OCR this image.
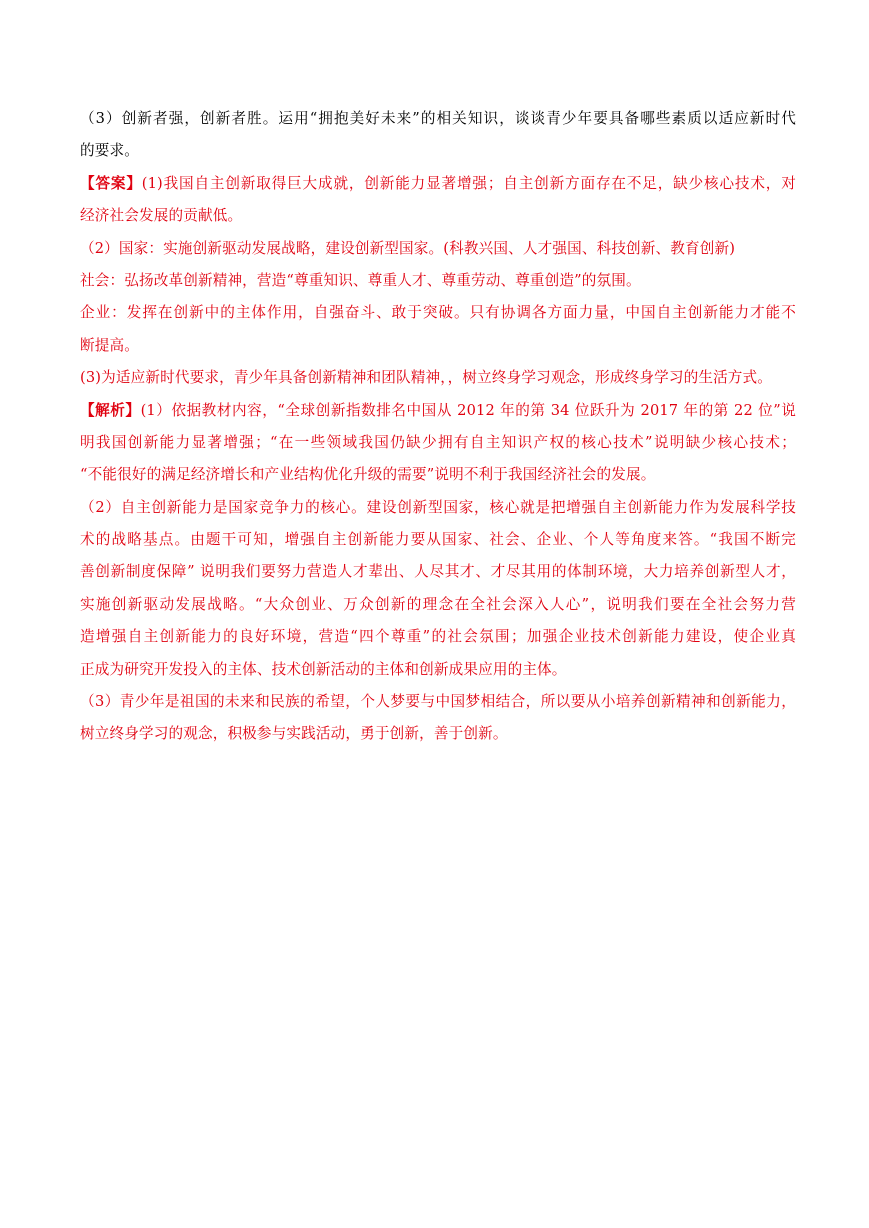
（3）创新者强，创新者胜。运用“拥抱美好未来”的相关知识，谈谈青少年要具备哪些素质以适应新时代
的要求。
【答案】(1)我国自主创新取得巨大成就，创新能力显著增强；自主创新方面存在不足，缺少核心技术，对
经济社会发展的贡献低。
（2）国家：实施创新驱动发展战略，建设创新型国家。(科教兴国、人才强国、科技创新、教育创新)
社会：弘扬改革创新精神，营造“尊重知识、尊重人才、尊重劳动、尊重创造”的氛围。
企业：发挥在创新中的主体作用，自强奋斗、敢于突破。只有协调各方面力量，中国自主创新能力才能不
断提高。
(3)为适应新时代要求，青少年具备创新精神和团队精神，，树立终身学习观念，形成终身学习的生活方式。
【解析】(1）依据教材内容，“全球创新指数排名中国从 2012 年的第 34 位跃升为 2017 年的第 22 位”说
明我国创新能力显著增强；“在一些领域我国仍缺少拥有自主知识产权的核心技术”说明缺少核心技术；
“不能很好的满足经济增长和产业结构优化升级的需要”说明不利于我国经济社会的发展。
（2）自主创新能力是国家竞争力的核心。建设创新型国家，核心就是把增强自主创新能力作为发展科学技
术的战略基点。由题干可知，增强自主创新能力要从国家、社会、企业、个人等角度来答。“我国不断完
善创新制度保障” 说明我们要努力营造人才辈出、人尽其才、才尽其用的体制环境，大力培养创新型人才，
实施创新驱动发展战略。“大众创业、万众创新的理念在全社会深入人心”，说明我们要在全社会努力营
造增强自主创新能力的良好环境，营造“四个尊重”的社会氛围；加强企业技术创新能力建设，使企业真
正成为研究开发投入的主体、技术创新活动的主体和创新成果应用的主体。
（3）青少年是祖国的未来和民族的希望，个人梦要与中国梦相结合，所以要从小培养创新精神和创新能力，
树立终身学习的观念，积极参与实践活动，勇于创新，善于创新。
